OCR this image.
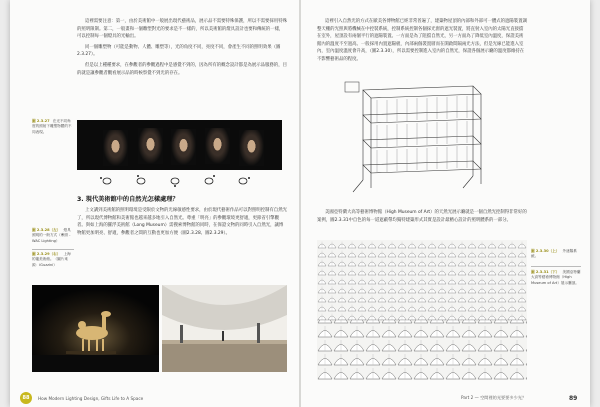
這裡需要注意：第一，由於美術館中一般展出現代藝術品，展示品不需要特殊保護，所以不需要採用特殊的照明限制。第二，一般畫和一個雕塑對光的要求是不一樣的，所以美術館的燈具設計也要和傳統的一樣，可以控制每一個燈具的光輸出。

同一個雕塑物（可能是動物、人體、雕塑等），光的角度不同，亮度不同，會產生不同的照明效果（圖2.3.27）。

但是以上種種要求，在參觀者的參觀過程中是感覺不到的，因為所有的概念設計都是為展示品服務的，目的就是讓參觀者觀看展示品的時候察覺不到光的存在。

圖 2.3.27 在光不同角度的照射下雕塑物體的不同表現。
3. 現代美術館中的自然光怎樣處理？

上文講到美術館的照明環境是受限於文物的光線敏感性要求，由於現代藝術作品可以對照明控制有自然光了，所以現代博物館和美術館也越來越多地引入自然光。尊重「明亮」的參觀環境更舒適，更節省引擎觀者。與如上海的羅浮美術館（Long Museum）需搜索博物館的同時，在保證文物的同時引入自然光，讓博物館更加明亮、舒適，參觀者之間的互動也更加方便（圖2.3.28、圖2.3.29）。

圖 2.3.28（左） 燈具照明的一般方式（參照 - WAC Lighting）
圖 2.3.29（右） 上海的龍美術館。（圖片來源：iGuzzini）
88	How Modern Lighting Design, Gifts Life to A Space

這裡引入自然光的方式在歐美各博物館已經非常普遍了，建築物屋頂的內部和外部可一體式的遮陽裝置調整天棚的光照與將機械在中控裝系統，控制系統控制各個採光窗的遮光裝置，將直射入室內的太陽光直接擋在室外，屋頂設有兩個平行的遮陽裝置。一方面是為了阻擋自然光，另一方面為了降低室內溫度，保證美術館內的溫度不至過高。一般採用內置遮陽板，內部兩個裝置層而在開啟間隔兩光方法，但是光線已能進入室內，室內温度溫度會升高，（圖2.3.30），所以需要控制進入室內的自然光，保證各個展示廳的溫度都維持在不影響藝術品的程度。

美國亞特蘭大高等藝術博物館（High Museum of Art）的天然光展示廳就是一個自然光控制得非常好的案例，圖2.3.31中自色的每一道遮蔽帶均獨特建築形式其實是設計最精心設計的照明體系的一部分。

圖 2.3.30（上） 外遮陽系統。
圖 2.3.31（下） 美國亞特蘭大高等藝術博物館（High Museum of Art）展示廳頂。
Part 2 — 空間裡的光要要多少光？	89
